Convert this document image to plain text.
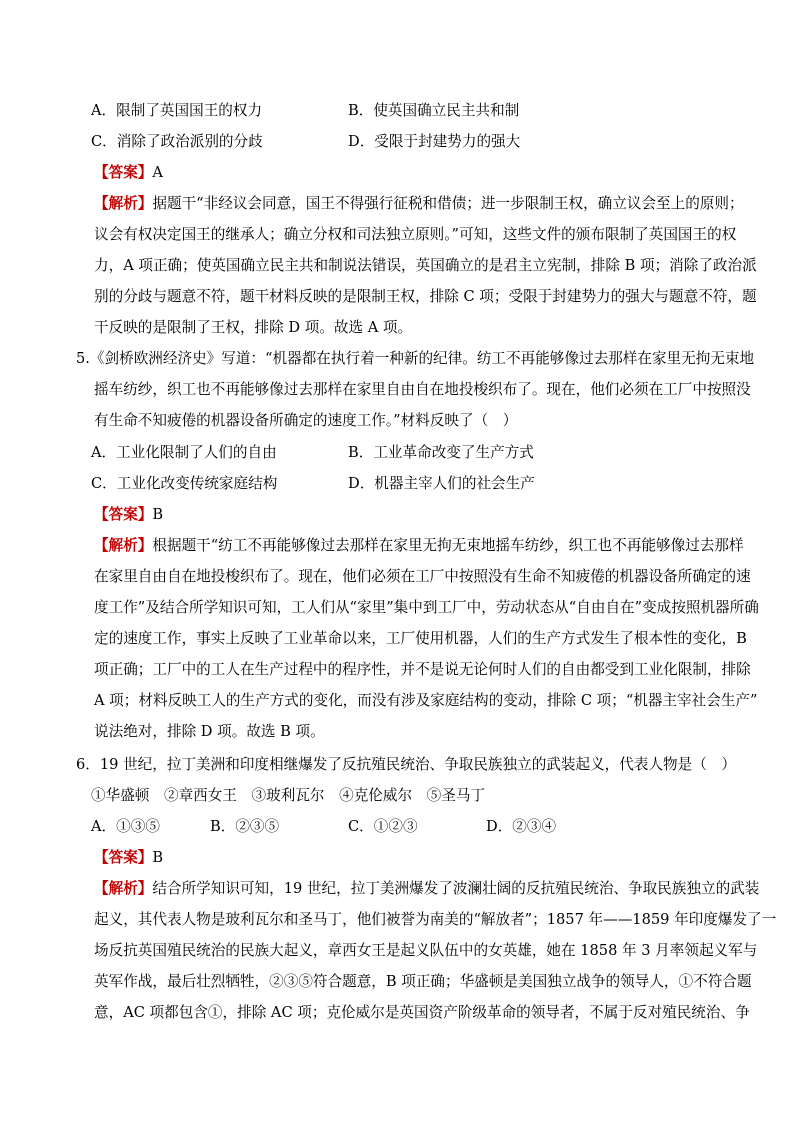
A．限制了英国国王的权力	B．使英国确立民主共和制
C．消除了政治派别的分歧	D．受限于封建势力的强大
【答案】A
【解析】据题干“非经议会同意，国王不得强行征税和借债；进一步限制王权，确立议会至上的原则；
议会有权决定国王的继承人；确立分权和司法独立原则。”可知，这些文件的颁布限制了英国国王的权
力，A 项正确；使英国确立民主共和制说法错误，英国确立的是君主立宪制，排除 B 项；消除了政治派
别的分歧与题意不符，题干材料反映的是限制王权，排除 C 项；受限于封建势力的强大与题意不符，题
干反映的是限制了王权，排除 D 项。故选 A 项。
5.《剑桥欧洲经济史》写道：“机器都在执行着一种新的纪律。纺工不再能够像过去那样在家里无拘无束地
摇车纺纱，织工也不再能够像过去那样在家里自由自在地投梭织布了。现在，他们必须在工厂中按照没
有生命不知疲倦的机器设备所确定的速度工作。”材料反映了（　）
A．工业化限制了人们的自由	B．工业革命改变了生产方式
C．工业化改变传统家庭结构	D．机器主宰人们的社会生产
【答案】B
【解析】根据题干“纺工不再能够像过去那样在家里无拘无束地摇车纺纱，织工也不再能够像过去那样
在家里自由自在地投梭织布了。现在，他们必须在工厂中按照没有生命不知疲倦的机器设备所确定的速
度工作”及结合所学知识可知，工人们从“家里”集中到工厂中，劳动状态从“自由自在”变成按照机器所确
定的速度工作，事实上反映了工业革命以来，工厂使用机器，人们的生产方式发生了根本性的变化，B
项正确；工厂中的工人在生产过程中的程序性，并不是说无论何时人们的自由都受到工业化限制，排除
A 项；材料反映工人的生产方式的变化，而没有涉及家庭结构的变动，排除 C 项；“机器主宰社会生产”
说法绝对，排除 D 项。故选 B 项。
6．19 世纪，拉丁美洲和印度相继爆发了反抗殖民统治、争取民族独立的武装起义，代表人物是（　）
①华盛顿　②章西女王　③玻利瓦尔　④克伦威尔　⑤圣马丁
A．①③⑤	B．②③⑤	C．①②③	D．②③④
【答案】B
【解析】结合所学知识可知，19 世纪，拉丁美洲爆发了波澜壮阔的反抗殖民统治、争取民族独立的武装
起义，其代表人物是玻利瓦尔和圣马丁，他们被誉为南美的“解放者”；1857 年——1859 年印度爆发了一
场反抗英国殖民统治的民族大起义，章西女王是起义队伍中的女英雄，她在 1858 年 3 月率领起义军与
英军作战，最后壮烈牺牲，②③⑤符合题意，B 项正确；华盛顿是美国独立战争的领导人，①不符合题
意，AC 项都包含①，排除 AC 项；克伦威尔是英国资产阶级革命的领导者，不属于反对殖民统治、争
